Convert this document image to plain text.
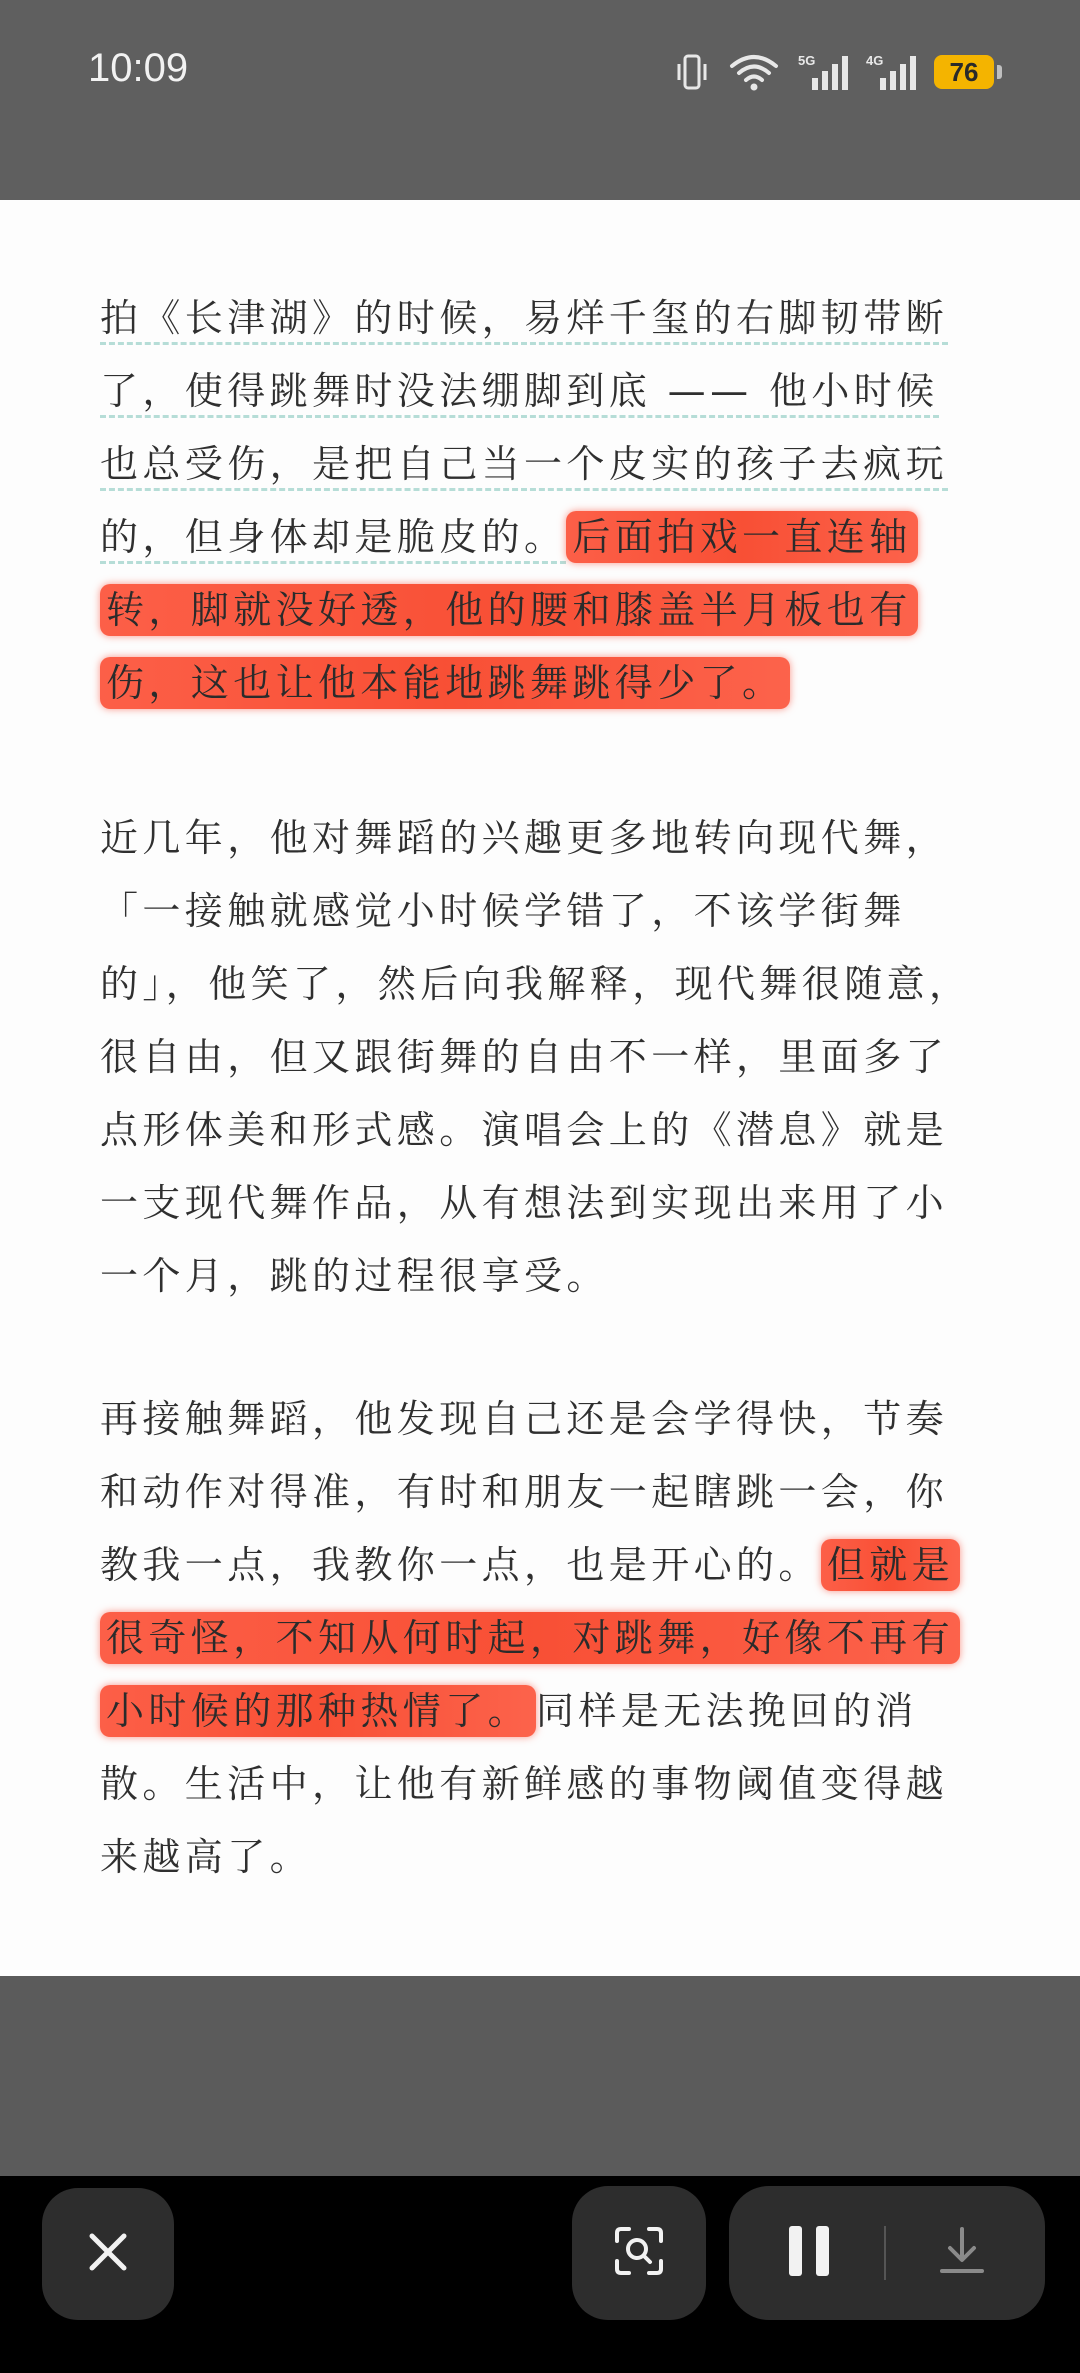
10:09	5G	4G	76

拍《长津湖》的时候，易烊千玺的右脚韧带断了，使得跳舞时没法绷脚到底 —— 他小时候也总受伤，是把自己当一个皮实的孩子去疯玩的，但身体却是脆皮的。 后面拍戏一直连轴转，脚就没好透，他的腰和膝盖半月板也有伤，这也让他本能地跳舞跳得少了。

近几年，他对舞蹈的兴趣更多地转向现代舞，「一接触就感觉小时候学错了，不该学街舞的」，他笑了，然后向我解释，现代舞很随意，很自由，但又跟街舞的自由不一样，里面多了点形体美和形式感。演唱会上的《潜息》就是一支现代舞作品，从有想法到实现出来用了小一个月，跳的过程很享受。

再接触舞蹈，他发现自己还是会学得快，节奏和动作对得准，有时和朋友一起瞎跳一会，你教我一点，我教你一点，也是开心的。 但就是很奇怪，不知从何时起，对跳舞，好像不再有小时候的那种热情了。 同样是无法挽回的消散。生活中，让他有新鲜感的事物阈值变得越来越高了。
